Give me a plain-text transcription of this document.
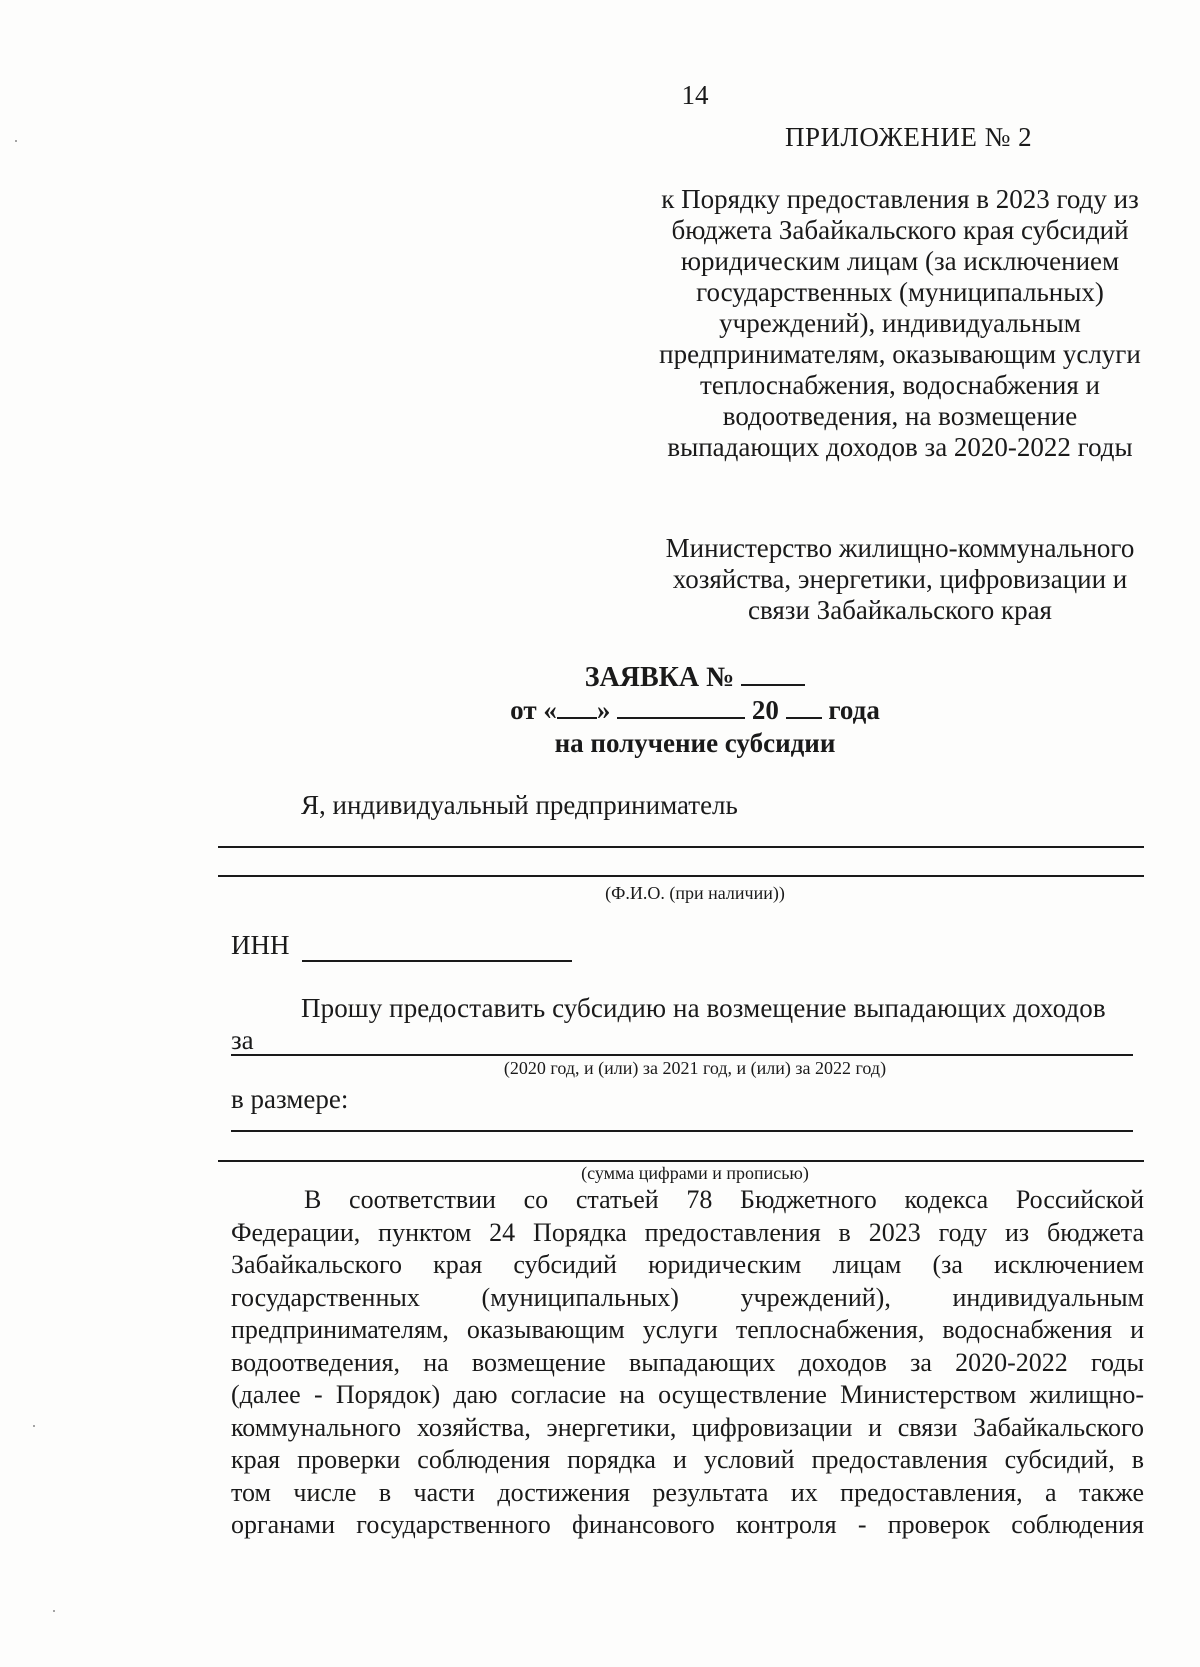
14
ПРИЛОЖЕНИЕ № 2
к Порядку предоставления в 2023 году из
бюджета Забайкальского края субсидий
юридическим лицам (за исключением
государственных (муниципальных)
учреждений), индивидуальным
предпринимателям, оказывающим услуги
теплоснабжения, водоснабжения и
водоотведения, на возмещение
выпадающих доходов за 2020-2022 годы
Министерство жилищно-коммунального
хозяйства, энергетики, цифровизации и
связи Забайкальского края
ЗАЯВКА №
от « »	20 года
на получение субсидии
Я, индивидуальный предприниматель
(Ф.И.О. (при наличии))
ИНН
Прошу предоставить субсидию на возмещение выпадающих доходов
за
(2020 год, и (или) за 2021 год, и (или) за 2022 год)
в размере:
(сумма цифрами и прописью)
В соответствии со статьей 78 Бюджетного кодекса Российской
Федерации, пунктом 24 Порядка предоставления в 2023 году из бюджета
Забайкальского края субсидий юридическим лицам (за исключением
государственных (муниципальных) учреждений), индивидуальным
предпринимателям, оказывающим услуги теплоснабжения, водоснабжения и
водоотведения, на возмещение выпадающих доходов за 2020-2022 годы
(далее - Порядок) даю согласие на осуществление Министерством жилищно-
коммунального хозяйства, энергетики, цифровизации и связи Забайкальского
края проверки соблюдения порядка и условий предоставления субсидий, в
том числе в части достижения результата их предоставления, а также
органами государственного финансового контроля - проверок соблюдения
